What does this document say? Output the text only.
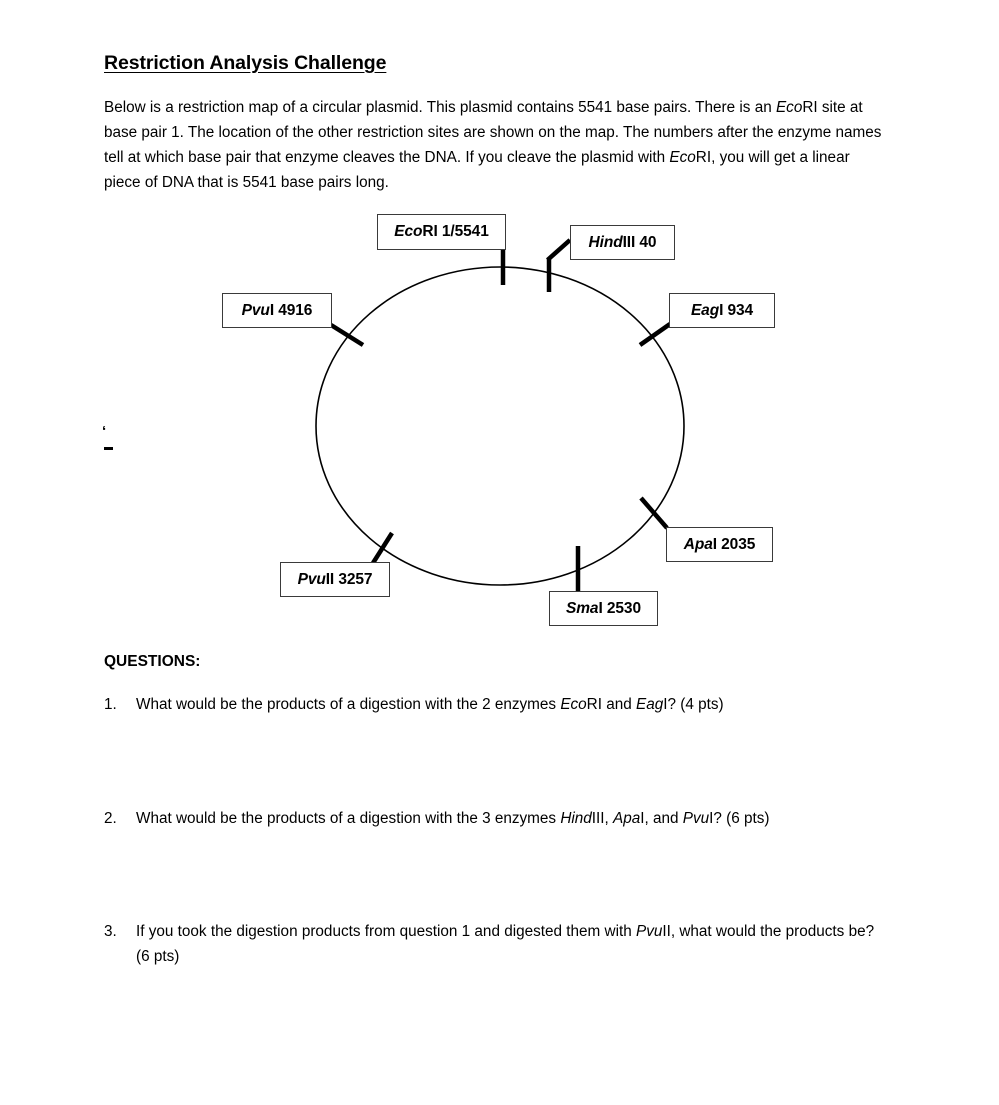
Restriction Analysis Challenge
Below is a restriction map of a circular plasmid. This plasmid contains 5541 base pairs. There is an EcoRI site at base pair 1. The location of the other restriction sites are shown on the map. The numbers after the enzyme names tell at which base pair that enzyme cleaves the DNA. If you cleave the plasmid with EcoRI, you will get a linear piece of DNA that is 5541 base pairs long.
‘
Eco RI 1/5541
Hind III 40
Eag I 934
Apa I 2035
Sma I 2530
Pvu II 3257
Pvu I 4916
QUESTIONS:
1.	What would be the products of a digestion with the 2 enzymes EcoRI and EagI? (4 pts)
2.	What would be the products of a digestion with the 3 enzymes HindIII, ApaI, and PvuI? (6 pts)
3.	If you took the digestion products from question 1 and digested them with PvuII, what would the products be? (6 pts)
